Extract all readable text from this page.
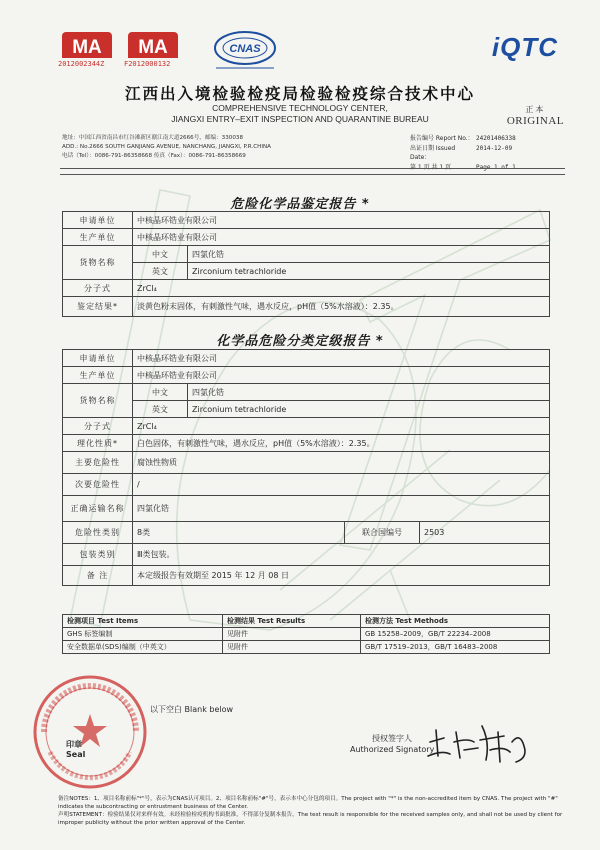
MA
2012002344Z
MA
F2012000132
CNAS	iQTC
江西出入境检验检疫局检验检疫综合技术中心
COMPREHENSIVE TECHNOLOGY CENTER,
JIANGXI ENTRY–EXIT INSPECTION AND QUARANTINE BUREAU
正本
ORIGINAL
地址：中国江西省南昌市红谷滩新区赣江南大道2666号，邮编：330038
ADD.: No.2666 SOUTH GANJIANG AVENUE, NANCHANG, JIANGXI, P.R.CHINA
电话（Tel）：0086-791-86358668 传真（Fax）：0086-791-86358669
报告编号 Report No.： 24201406338
出证日期 Issued Date：
2014-12-09
第 1 页 共 1 页	Page 1 of 1
危险化学品鉴定报告 *
申请单位	中核晶环锆业有限公司	
生产单位	中核晶环锆业有限公司	
货物名称	中文	四氯化锆
	英文	Zirconium tetrachloride
分子式	ZrCl₄	
鉴定结果*	淡黄色粉末固体，有刺激性气味，遇水反应，pH值（5%水溶液）：2.35。	
化学品危险分类定级报告 *
申请单位	中核晶环锆业有限公司			
生产单位	中核晶环锆业有限公司			
货物名称	中文	四氯化锆		
	英文	Zirconium tetrachloride		
分子式	ZrCl₄			
理化性质*	白色固体，有刺激性气味，遇水反应，pH值（5%水溶液）：2.35。			
主要危险性	腐蚀性物质			
次要危险性	/			
正确运输名称	四氯化锆			
危险性类别	8类		联合国编号	2503
包装类别	Ⅲ类包装。			
备 注	本定级报告有效期至 2015 年 12 月 08 日			
检测项目 Test Items	检测结果 Test Results	检测方法 Test Methods
GHS 标签编制	见附件	GB 15258–2009，GB/T 22234–2008
安全数据单(SDS)编制（中英文）	见附件	GB/T 17519–2013，GB/T 16483–2008
以下空白 Blank below
印章
Seal
授权签字人
Authorized Signatory
备注NOTES：1、项目名称前标"*"号，表示为CNAS认可项目。2、项目名称前标"#"号，表示本中心分包的项目。The project with "*" is the non-accredited item by CNAS. The project with "#" indicates the subcontracting or entrustment business of the Center.
声明STATEMENT：检验结果仅对来样有效。未经检验检疫机构书面批准，不得部分复制本报告。The test result is responsible for the received samples only, and shall not be used by client for improper publicity without the prior written approval of the Center.
